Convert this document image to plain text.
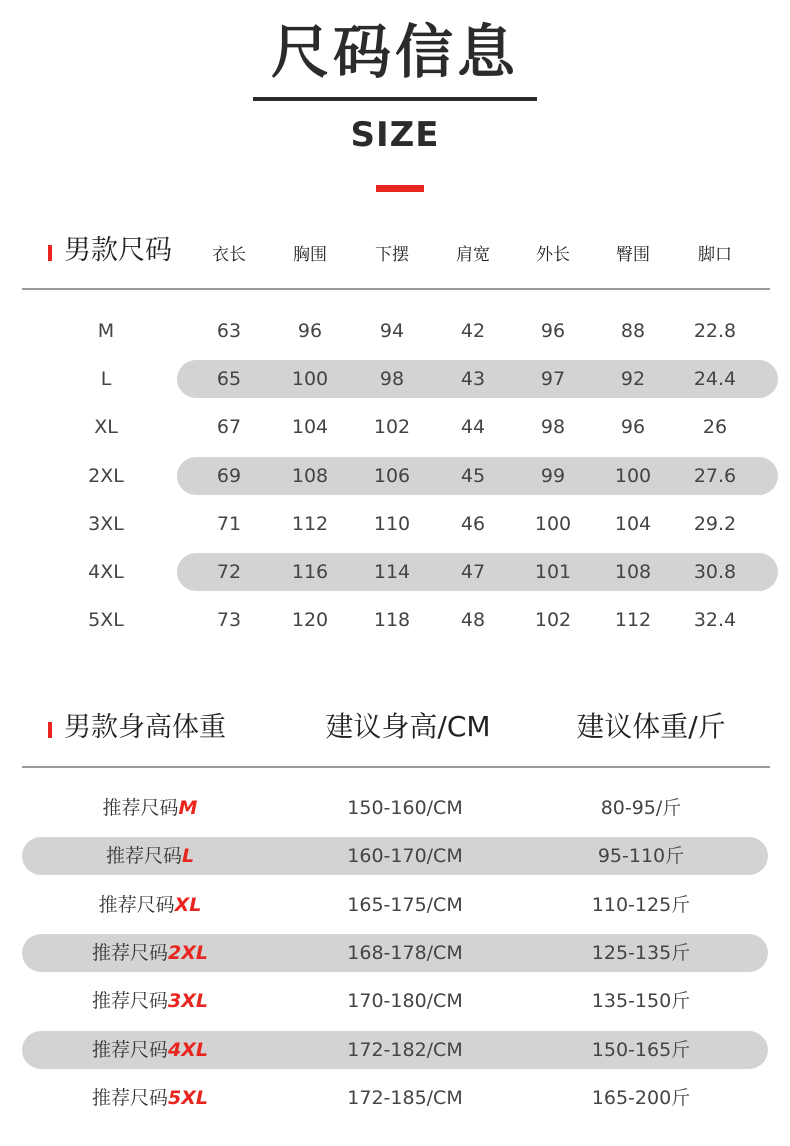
尺码信息
SIZE
男款尺码	衣长	胸围	下摆	肩宽	外长	臀围	脚口
M	63	96	94	42	96	88	22.8
L	65	100	98	43	97	92	24.4
XL	67	104	102	44	98	96	26
2XL	69	108	106	45	99	100	27.6
3XL	71	112	110	46	100	104	29.2
4XL	72	116	114	47	101	108	30.8
5XL	73	120	118	48	102	112	32.4
男款身高体重	建议身高/CM	建议体重/斤
推荐尺码M	150-160/CM	80-95/斤
推荐尺码L	160-170/CM	95-110斤
推荐尺码XL	165-175/CM	110-125斤
推荐尺码2XL	168-178/CM	125-135斤
推荐尺码3XL	170-180/CM	135-150斤
推荐尺码4XL	172-182/CM	150-165斤
推荐尺码5XL	172-185/CM	165-200斤
